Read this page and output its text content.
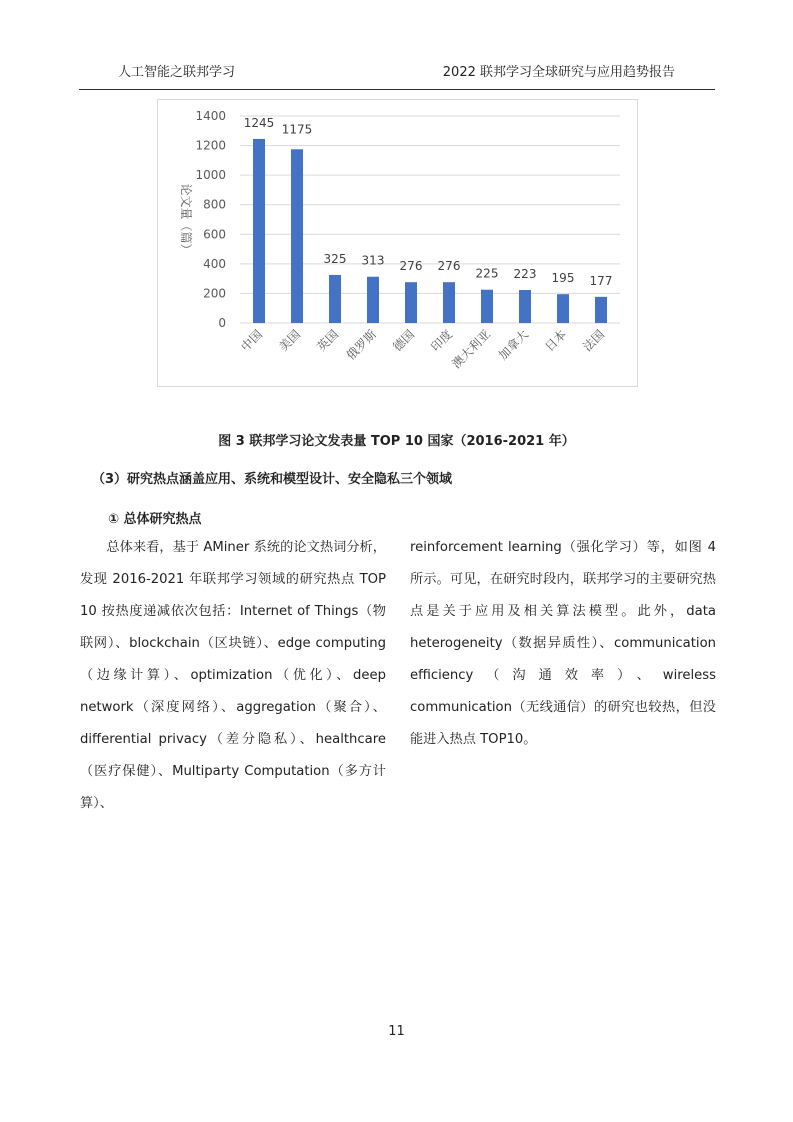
人工智能之联邦学习	2022 联邦学习全球研究与应用趋势报告
0
200
400
600
800
1000
1200
1400
论文量（篇）
1245
中国
1175
美国
325
英国
313
俄罗斯
276
德国
276
印度
225
澳大利亚
223
加拿大
195
日本
177
法国
图 3 联邦学习论文发表量 TOP 10 国家（2016-2021 年）
（3）研究热点涵盖应用、系统和模型设计、安全隐私三个领域
① 总体研究热点

总体来看，基于 AMiner 系统的论文热词分析，发现 2016-2021 年联邦学习领域的研究热点 TOP 10 按热度递减依次包括：Internet of Things（物联网）、blockchain（区块链）、edge computing（边缘计算）、optimization（优化）、deep network（深度网络）、aggregation（聚合）、differential privacy（差分隐私）、healthcare（医疗保健）、Multiparty Computation（多方计算）、

reinforcement learning（强化学习）等，如图 4 所示。可见，在研究时段内，联邦学习的主要研究热点是关于应用及相关算法模型。此外，data heterogeneity（数据异质性）、communication efficiency（沟通效率）、wireless communication（无线通信）的研究也较热，但没能进入热点 TOP10。

11
